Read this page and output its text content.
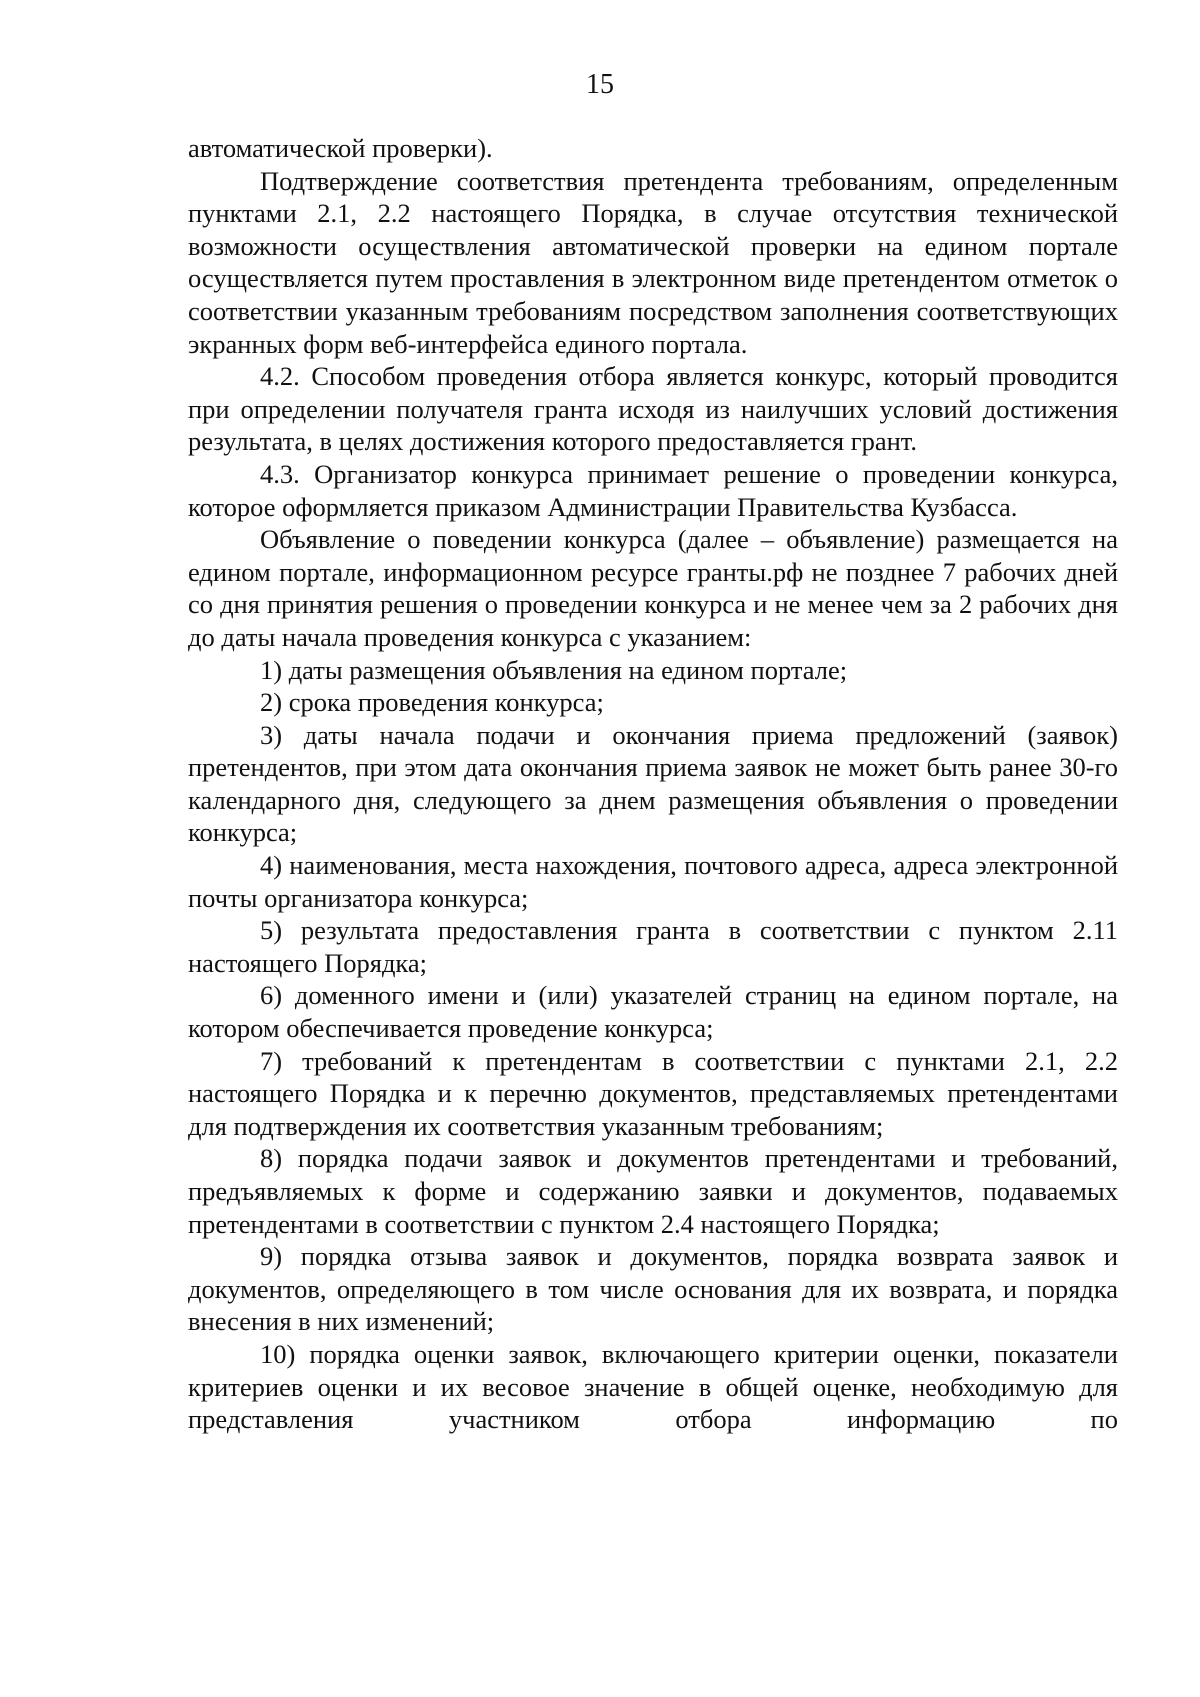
15

автоматической проверки).

Подтверждение соответствия претендента требованиям, определенным пунктами 2.1, 2.2 настоящего Порядка, в случае отсутствия технической возможности осуществления автоматической проверки на едином портале осуществляется путем проставления в электронном виде претендентом отметок о соответствии указанным требованиям посредством заполнения соответствующих экранных форм веб-интерфейса единого портала.

4.2. Способом проведения отбора является конкурс, который проводится при определении получателя гранта исходя из наилучших условий достижения результата, в целях достижения которого предоставляется грант.

4.3. Организатор конкурса принимает решение о проведении конкурса, которое оформляется приказом Администрации Правительства Кузбасса.

Объявление о поведении конкурса (далее – объявление) размещается на едином портале, информационном ресурсе гранты.рф не позднее 7 рабочих дней со дня принятия решения о проведении конкурса и не менее чем за 2 рабочих дня до даты начала проведения конкурса с указанием:

1) даты размещения объявления на едином портале;

2) срока проведения конкурса;

3) даты начала подачи и окончания приема предложений (заявок) претендентов, при этом дата окончания приема заявок не может быть ранее 30-го календарного дня, следующего за днем размещения объявления о проведении конкурса;

4) наименования, места нахождения, почтового адреса, адреса электронной почты организатора конкурса;

5) результата предоставления гранта в соответствии с пунктом 2.11 настоящего Порядка;

6) доменного имени и (или) указателей страниц на едином портале, на котором обеспечивается проведение конкурса;

7) требований к претендентам в соответствии с пунктами 2.1, 2.2 настоящего Порядка и к перечню документов, представляемых претендентами для подтверждения их соответствия указанным требованиям;

8) порядка подачи заявок и документов претендентами и требований, предъявляемых к форме и содержанию заявки и документов, подаваемых претендентами в соответствии с пунктом 2.4 настоящего Порядка;

9) порядка отзыва заявок и документов, порядка возврата заявок и документов, определяющего в том числе основания для их возврата, и порядка внесения в них изменений;

10) порядка оценки заявок, включающего критерии оценки, показатели критериев оценки и их весовое значение в общей оценке, необходимую для представления участником отбора информацию по
